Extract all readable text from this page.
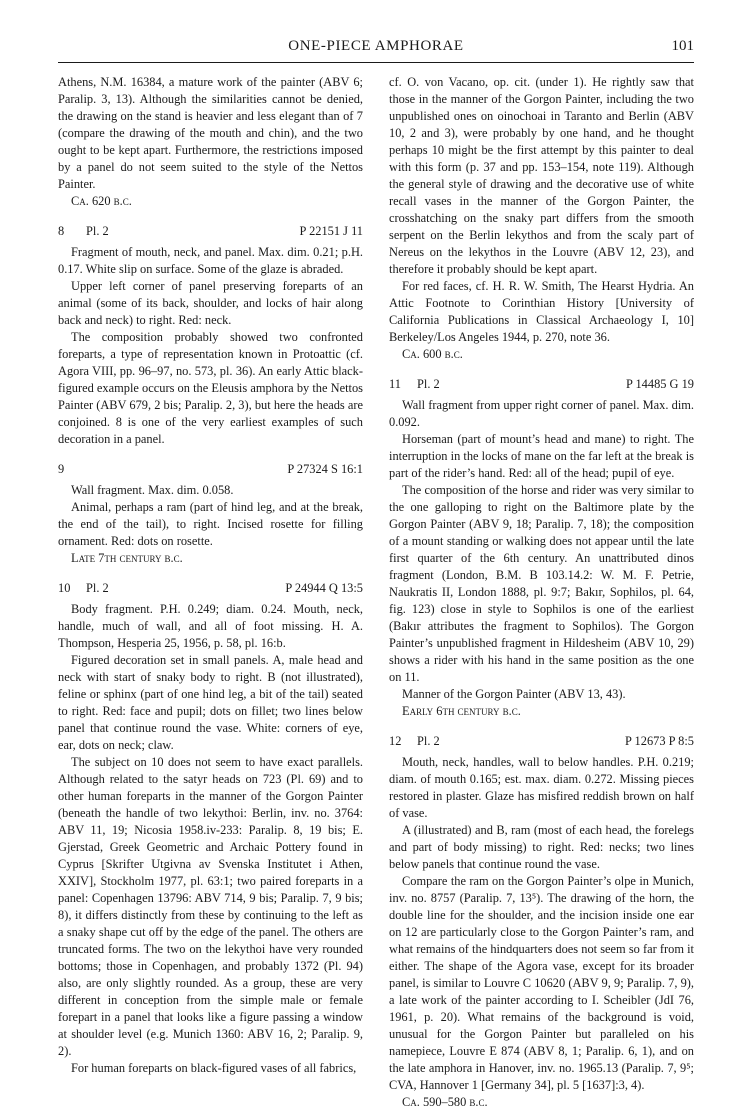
ONE-PIECE AMPHORAE	101

Athens, N.M. 16384, a mature work of the painter (ABV 6; Paralip. 3, 13). Although the similarities cannot be denied, the drawing on the stand is heavier and less elegant than of 7 (compare the drawing of the mouth and chin), and the two ought to be kept apart. Furthermore, the restrictions imposed by a panel do not seem suited to the style of the Nettos Painter.

Ca. 620 b.c.

8 Pl. 2	P 22151 J 11

Fragment of mouth, neck, and panel. Max. dim. 0.21; p.H. 0.17. White slip on surface. Some of the glaze is abraded.

Upper left corner of panel preserving foreparts of an animal (some of its back, shoulder, and locks of hair along back and neck) to right. Red: neck.

The composition probably showed two confronted foreparts, a type of representation known in Protoattic (cf. Agora VIII, pp. 96–97, no. 573, pl. 36). An early Attic black-figured example occurs on the Eleusis amphora by the Nettos Painter (ABV 679, 2 bis; Paralip. 2, 3), but here the heads are conjoined. 8 is one of the very earliest examples of such decoration in a panel.

9	P 27324 S 16:1

Wall fragment. Max. dim. 0.058.

Animal, perhaps a ram (part of hind leg, and at the break, the end of the tail), to right. Incised rosette for filling ornament. Red: dots on rosette.

Late 7th century b.c.

10 Pl. 2	P 24944 Q 13:5

Body fragment. P.H. 0.249; diam. 0.24. Mouth, neck, handle, much of wall, and all of foot missing. H. A. Thompson, Hesperia 25, 1956, p. 58, pl. 16:b.

Figured decoration set in small panels. A, male head and neck with start of snaky body to right. B (not illustrated), feline or sphinx (part of one hind leg, a bit of the tail) seated to right. Red: face and pupil; dots on fillet; two lines below panel that continue round the vase. White: corners of eye, ear, dots on neck; claw.

The subject on 10 does not seem to have exact parallels. Although related to the satyr heads on 723 (Pl. 69) and to other human foreparts in the manner of the Gorgon Painter (beneath the handle of two lekythoi: Berlin, inv. no. 3764: ABV 11, 19; Nicosia 1958.iv-233: Paralip. 8, 19 bis; E. Gjerstad, Greek Geometric and Archaic Pottery found in Cyprus [Skrifter Utgivna av Svenska Institutet i Athen, XXIV], Stockholm 1977, pl. 63:1; two paired foreparts in a panel: Copenhagen 13796: ABV 714, 9 bis; Paralip. 7, 9 bis; 8), it differs distinctly from these by continuing to the left as a snaky shape cut off by the edge of the panel. The others are truncated forms. The two on the lekythoi have very rounded bottoms; those in Copenhagen, and probably 1372 (Pl. 94) also, are only slightly rounded. As a group, these are very different in conception from the simple male or female forepart in a panel that looks like a figure passing a window at shoulder level (e.g. Munich 1360: ABV 16, 2; Paralip. 9, 2).

For human foreparts on black-figured vases of all fabrics,

cf. O. von Vacano, op. cit. (under 1). He rightly saw that those in the manner of the Gorgon Painter, including the two unpublished ones on oinochoai in Taranto and Berlin (ABV 10, 2 and 3), were probably by one hand, and he thought perhaps 10 might be the first attempt by this painter to deal with this form (p. 37 and pp. 153–154, note 119). Although the general style of drawing and the decorative use of white recall vases in the manner of the Gorgon Painter, the crosshatching on the snaky part differs from the smooth serpent on the Berlin lekythos and from the scaly part of Nereus on the lekythos in the Louvre (ABV 12, 23), and therefore it probably should be kept apart.

For red faces, cf. H. R. W. Smith, The Hearst Hydria. An Attic Footnote to Corinthian History [University of California Publications in Classical Archaeology I, 10] Berkeley/Los Angeles 1944, p. 270, note 36.

Ca. 600 b.c.

11 Pl. 2	P 14485 G 19

Wall fragment from upper right corner of panel. Max. dim. 0.092.

Horseman (part of mount’s head and mane) to right. The interruption in the locks of mane on the far left at the break is part of the rider’s hand. Red: all of the head; pupil of eye.

The composition of the horse and rider was very similar to the one galloping to right on the Baltimore plate by the Gorgon Painter (ABV 9, 18; Paralip. 7, 18); the composition of a mount standing or walking does not appear until the late first quarter of the 6th century. An unattributed dinos fragment (London, B.M. B 103.14.2: W. M. F. Petrie, Naukratis II, London 1888, pl. 9:7; Bakır, Sophilos, pl. 64, fig. 123) close in style to Sophilos is one of the earliest (Bakır attributes the fragment to Sophilos). The Gorgon Painter’s unpublished fragment in Hildesheim (ABV 10, 29) shows a rider with his hand in the same position as the one on 11.

Manner of the Gorgon Painter (ABV 13, 43).

Early 6th century b.c.

12 Pl. 2	P 12673 P 8:5

Mouth, neck, handles, wall to below handles. P.H. 0.219; diam. of mouth 0.165; est. max. diam. 0.272. Missing pieces restored in plaster. Glaze has misfired reddish brown on half of vase.

A (illustrated) and B, ram (most of each head, the forelegs and part of body missing) to right. Red: necks; two lines below panels that continue round the vase.

Compare the ram on the Gorgon Painter’s olpe in Munich, inv. no. 8757 (Paralip. 7, 13⁵). The drawing of the horn, the double line for the shoulder, and the incision inside one ear on 12 are particularly close to the Gorgon Painter’s ram, and what remains of the hindquarters does not seem so far from it either. The shape of the Agora vase, except for its broader panel, is similar to Louvre C 10620 (ABV 9, 9; Paralip. 7, 9), a late work of the painter according to I. Scheibler (JdI 76, 1961, p. 20). What remains of the background is void, unusual for the Gorgon Painter but paralleled on his namepiece, Louvre E 874 (ABV 8, 1; Paralip. 6, 1), and on the late amphora in Hanover, inv. no. 1965.13 (Paralip. 7, 9⁵; CVA, Hannover 1 [Germany 34], pl. 5 [1637]:3, 4).

Ca. 590–580 b.c.
